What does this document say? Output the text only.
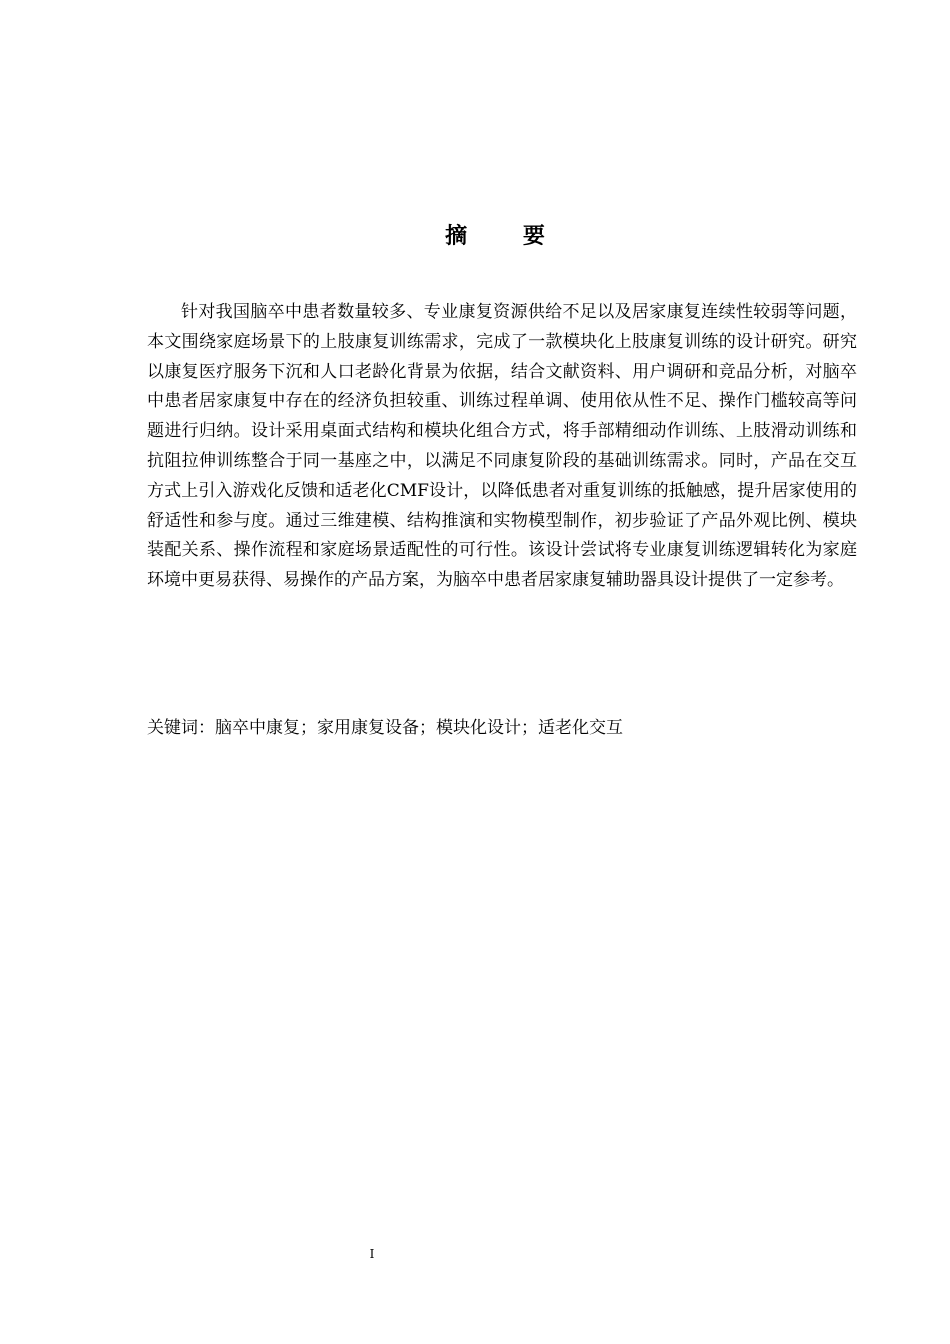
摘 要

针对我国脑卒中患者数量较多、专业康复资源供给不足以及居家康复连续性较弱等问题，本文围绕家庭场景下的上肢康复训练需求，完成了一款模块化上肢康复训练的设计研究。研究以康复医疗服务下沉和人口老龄化背景为依据，结合文献资料、用户调研和竞品分析，对脑卒中患者居家康复中存在的经济负担较重、训练过程单调、使用依从性不足、操作门槛较高等问题进行归纳。设计采用桌面式结构和模块化组合方式，将手部精细动作训练、上肢滑动训练和抗阻拉伸训练整合于同一基座之中，以满足不同康复阶段的基础训练需求。同时，产品在交互方式上引入游戏化反馈和适老化CMF设计，以降低患者对重复训练的抵触感，提升居家使用的舒适性和参与度。通过三维建模、结构推演和实物模型制作，初步验证了产品外观比例、模块装配关系、操作流程和家庭场景适配性的可行性。该设计尝试将专业康复训练逻辑转化为家庭环境中更易获得、易操作的产品方案，为脑卒中患者居家康复辅助器具设计提供了一定参考。

关键词：脑卒中康复；家用康复设备；模块化设计；适老化交互

I
